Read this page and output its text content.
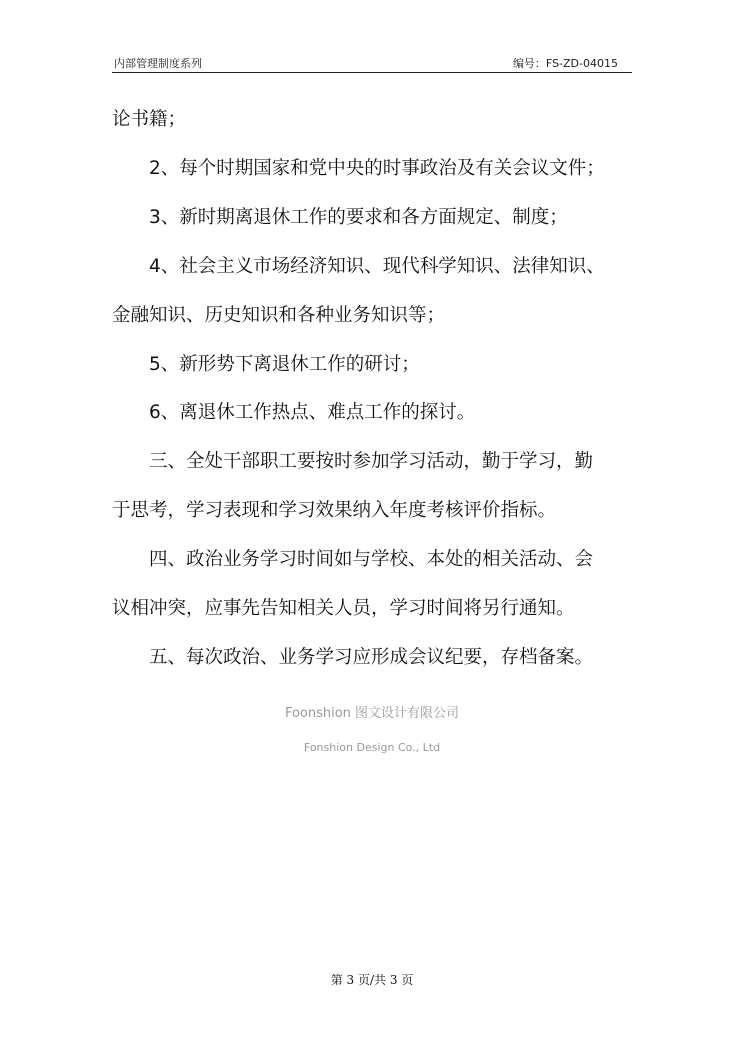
内部管理制度系列	编号：FS-ZD-04015

论书籍；

2、每个时期国家和党中央的时事政治及有关会议文件；

3、新时期离退休工作的要求和各方面规定、制度；

4、社会主义市场经济知识、现代科学知识、法律知识、

金融知识、历史知识和各种业务知识等；

5、新形势下离退休工作的研讨；

6、离退休工作热点、难点工作的探讨。

三、全处干部职工要按时参加学习活动，勤于学习，勤

于思考，学习表现和学习效果纳入年度考核评价指标。

四、政治业务学习时间如与学校、本处的相关活动、会

议相冲突，应事先告知相关人员，学习时间将另行通知。

五、每次政治、业务学习应形成会议纪要，存档备案。

Foonshion 图文设计有限公司
Fonshion Design Co., Ltd
第 3 页/共 3 页
